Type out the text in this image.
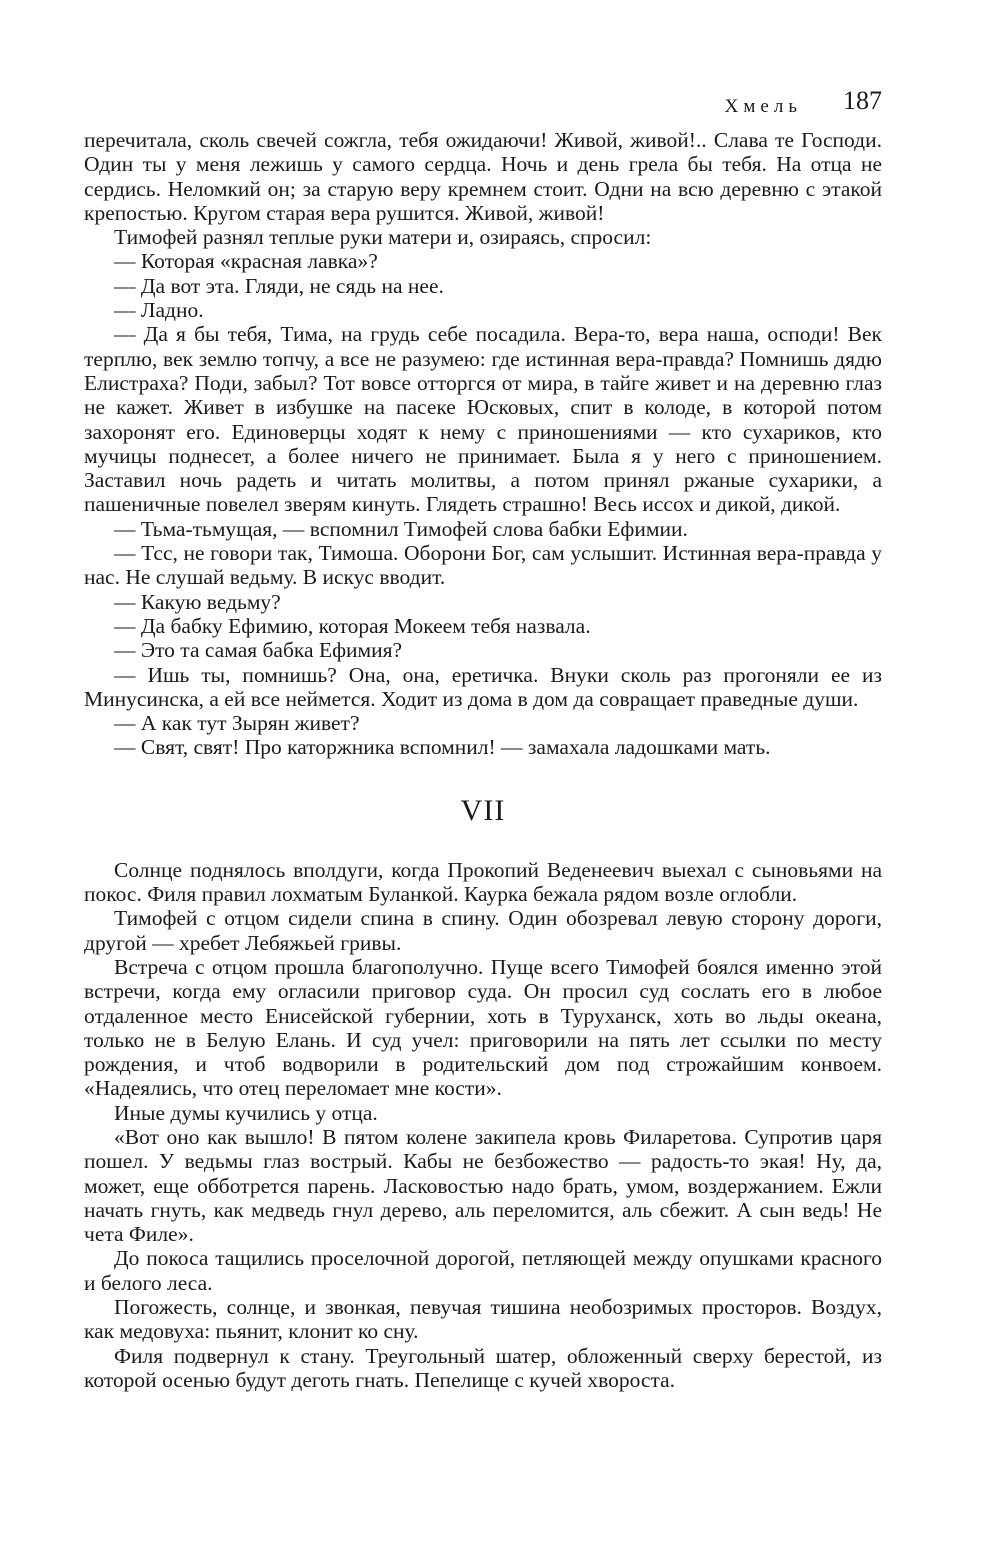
Хмель 187

перечитала, сколь свечей сожгла, тебя ожидаючи! Живой, живой!.. Слава те Господи. Один ты у меня лежишь у самого сердца. Ночь и день грела бы тебя. На отца не сердись. Неломкий он; за старую веру кремнем стоит. Одни на всю деревню с этакой крепостью. Кругом старая вера рушится. Живой, живой!

Тимофей разнял теплые руки матери и, озираясь, спросил:

— Которая «красная лавка»?

— Да вот эта. Гляди, не сядь на нее.

— Ладно.

— Да я бы тебя, Тима, на грудь себе посадила. Вера-то, вера наша, осподи! Век терплю, век землю топчу, а все не разумею: где истинная вера-правда? Помнишь дядю Елистраха? Поди, забыл? Тот вовсе отторгся от мира, в тайге живет и на деревню глаз не кажет. Живет в избушке на пасеке Юсковых, спит в колоде, в которой потом захоронят его. Единоверцы ходят к нему с приношениями — кто сухариков, кто мучицы поднесет, а более ничего не принимает. Была я у него с приношением. Заставил ночь радеть и читать молитвы, а потом принял ржаные сухарики, а пашеничные повелел зверям кинуть. Глядеть страшно! Весь иссох и дикой, дикой.

— Тьма-тьмущая, — вспомнил Тимофей слова бабки Ефимии.

— Тсс, не говори так, Тимоша. Оборони Бог, сам услышит. Истинная вера-правда у нас. Не слушай ведьму. В искус вводит.

— Какую ведьму?

— Да бабку Ефимию, которая Мокеем тебя назвала.

— Это та самая бабка Ефимия?

— Ишь ты, помнишь? Она, она, еретичка. Внуки сколь раз прогоняли ее из Минусинска, а ей все неймется. Ходит из дома в дом да совращает праведные души.

— А как тут Зырян живет?

— Свят, свят! Про каторжника вспомнил! — замахала ладошками мать.

VII

Солнце поднялось вполдуги, когда Прокопий Веденеевич выехал с сыновьями на покос. Филя правил лохматым Буланкой. Каурка бежала рядом возле оглобли.

Тимофей с отцом сидели спина в спину. Один обозревал левую сторону дороги, другой — хребет Лебяжьей гривы.

Встреча с отцом прошла благополучно. Пуще всего Тимофей боялся именно этой встречи, когда ему огласили приговор суда. Он просил суд сослать его в любое отдаленное место Енисейской губернии, хоть в Туруханск, хоть во льды океана, только не в Белую Елань. И суд учел: приговорили на пять лет ссылки по месту рождения, и чтоб водворили в родительский дом под строжайшим конвоем. «Надеялись, что отец переломает мне кости».

Иные думы кучились у отца.

«Вот оно как вышло! В пятом колене закипела кровь Филаретова. Супротив царя пошел. У ведьмы глаз вострый. Кабы не безбожество — радость-то экая! Ну, да, может, еще обботрется парень. Ласковостью надо брать, умом, воздержанием. Ежли начать гнуть, как медведь гнул дерево, аль переломится, аль сбежит. А сын ведь! Не чета Филе».

До покоса тащились проселочной дорогой, петляющей между опушками красного и белого леса.

Погожесть, солнце, и звонкая, певучая тишина необозримых просторов. Воздух, как медовуха: пьянит, клонит ко сну.

Филя подвернул к стану. Треугольный шатер, обложенный сверху берестой, из которой осенью будут деготь гнать. Пепелище с кучей хвороста.
